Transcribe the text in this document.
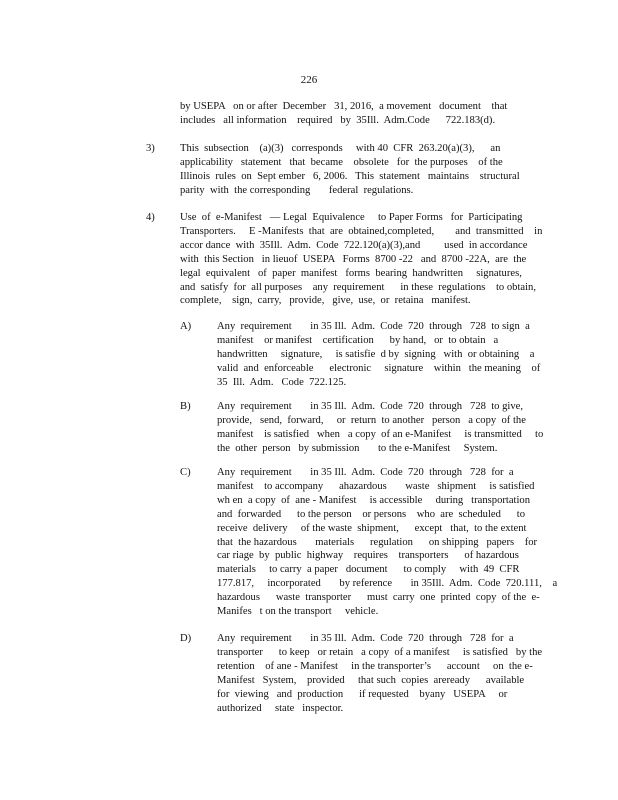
226
by USEPA   on or after  December   31, 2016,  a movement   document    that
includes   all information    required   by  35Ill.  Adm.Code      722.183(d).
3) This  subsection    (a)(3)   corresponds     with 40  CFR  263.20(a)(3),      an
applicability   statement   that  became    obsolete   for  the purposes    of the
Illinois  rules  on  Sept ember   6, 2006.   This  statement   maintains    structural
parity  with  the corresponding       federal  regulations.
4) Use  of  e-Manifest   — Legal  Equivalence     to Paper Forms   for  Participating
Transporters.     E -Manifests  that  are  obtained,completed,        and  transmitted    in
accor dance  with  35Ill.  Adm.  Code  722.120(a)(3),and         used  in accordance
with  this Section   in lieuof  USEPA   Forms  8700 -22   and  8700 -22A,  are  the
legal  equivalent   of  paper  manifest   forms  bearing  handwritten     signatures,
and  satisfy  for  all purposes    any  requirement      in these  regulations    to obtain,
complete,    sign,  carry,   provide,   give,  use,  or  retaina   manifest.
A) Any  requirement       in 35 Ill.  Adm.  Code  720  through   728  to sign  a
manifest    or manifest    certification      by hand,   or  to obtain   a
handwritten     signature,     is satisfie  d by  signing   with  or obtaining    a
valid  and  enforceable      electronic     signature    within   the meaning    of
35  Ill.  Adm.   Code  722.125.
B) Any  requirement       in 35 Ill.  Adm.  Code  720  through   728  to give,
provide,   send,  forward,     or  return  to another   person   a copy  of the
manifest    is satisfied   when   a copy  of an e-Manifest     is transmitted     to
the  other  person   by submission       to the e-Manifest     System.
C) Any  requirement       in 35 Ill.  Adm.  Code  720  through   728  for  a
manifest    to accompany      ahazardous       waste   shipment     is satisfied
wh en  a copy  of  ane - Manifest     is accessible     during   transportation
and  forwarded      to the person    or persons    who  are  scheduled      to
receive  delivery     of the waste  shipment,      except   that,  to the extent
that  the hazardous       materials      regulation      on shipping   papers    for
car riage  by  public  highway    requires    transporters      of hazardous
materials     to carry  a paper   document      to comply     with  49  CFR
177.817,     incorporated       by reference       in 35Ill.  Adm.  Code  720.111,    a
hazardous      waste  transporter      must  carry  one  printed  copy  of the  e-
Manifes   t on the transport     vehicle.
D) Any  requirement       in 35 Ill.  Adm.  Code  720  through   728  for  a
transporter      to keep   or retain   a copy  of a manifest     is satisfied   by the
retention    of ane - Manifest     in the transporter’s      account     on  the e-
Manifest   System,    provided     that such  copies  areready      available
for  viewing   and  production      if requested    byany   USEPA     or
authorized     state   inspector.
